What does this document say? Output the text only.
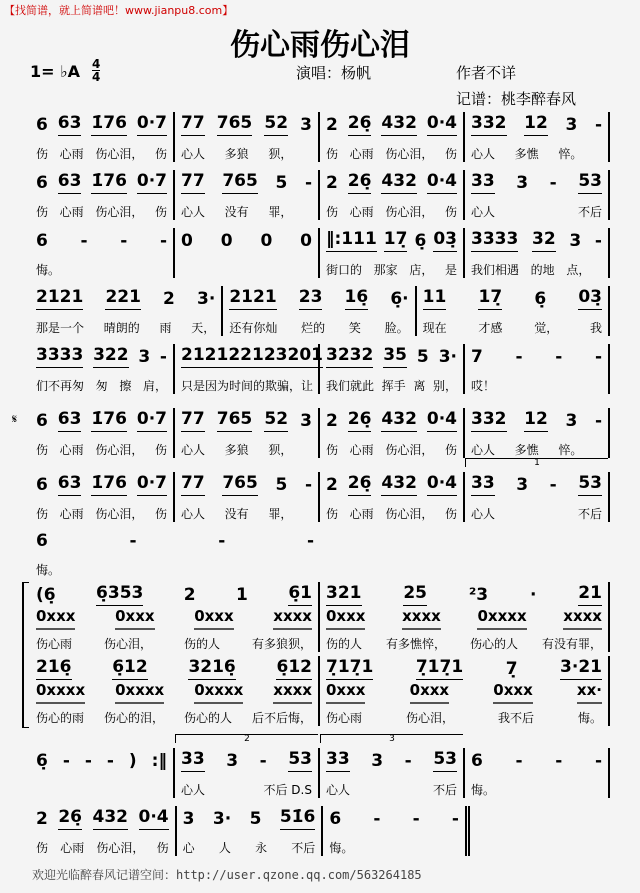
【找简谱，就上简谱吧！www.jianpu8.com】
伤心雨伤心泪
1= ♭A 4
4	演唱：杨帆	作者不详
记谱：桃李醉春风
𝄋
6 63 1̇76 0·7
伤 心雨 伤心泪， 伤
77 765 52 3
心人 多狼 狈，
2 26̣ 432 0·4
伤 心雨 伤心泪， 伤
332 12 3 -
心人 多憔 悴。
6 63 1̇76 0·7
伤 心雨 伤心泪， 伤
77 765 5 -
心人 没有 罪，
2 26̣ 432 0·4
伤 心雨 伤心泪， 伤
33 3 - 53
心人	不后
6 - - -
悔。
0 0 0 0 ‖:111 17̣ 6̣ 03̣
街口的 那家 店， 是
3333 32 3 -
我们相遇 的地 点，
2121 221 2 3·
那是一个 晴朗的 雨 天，
2121 23 16̣ 6̣·
还有你灿 烂的 笑 脸。
11 17̣ 6̣ 03̣
现在	才感	觉，	我
3333 322 3 -
们不再匆 匆 擦 肩，
2121 221 232 01
只是因为 时间的 欺 骗，让
3232 35 5 3·
我们就此 挥手 离 别，
7 - - -
哎！
6 63 1̇76 0·7
伤 心雨 伤心泪， 伤
77 765 52 3
心人 多狼 狈，
2 26̣ 432 0·4
伤 心雨 伤心泪， 伤
332 12 3 -
心人 多憔 悴。
6 63 1̇76 0·7
伤 心雨 伤心泪， 伤
77 765 5 -
心人 没有 罪，
2 26̣ 432 0·4
伤 心雨 伤心泪， 伤
1
33 3 - 53
心人	不后
6	-	-	-
悔。
(6̣ 6̣353 2 1 6̣1
0xxx	0xxx	0xxx	xxxx
伤心雨	伤心泪，	伤的人	有多狼狈，
321 25 ²3 · 21
0xxx xxxx 0xxxx xxxx
伤的人 有多憔悴， 伤心的人 有没有罪，
216̣ 6̣12 3216̣ 6̣12
0xxxx 0xxxx 0xxxx xxxx
伤心的雨 伤心的泪， 伤心的人 后不后悔，
7̣17̣1	7̣17̣1	7̣	3·21
0xxx	0xxx	0xxx	xx·
伤心雨	伤心泪，	我不后	悔。
6̣ - - - ) :‖
2
33 3 - 53
心人	不后 D.S
3
33 3 - 53
心人	不后
6 - - -
悔。
2 26̣ 432 0·4
伤 心雨 伤心泪， 伤
3 3· 5 51̇6
心 人 永 不后
6 - - -
悔。
欢迎光临醉春风记谱空间：http://user.qzone.qq.com/563264185
